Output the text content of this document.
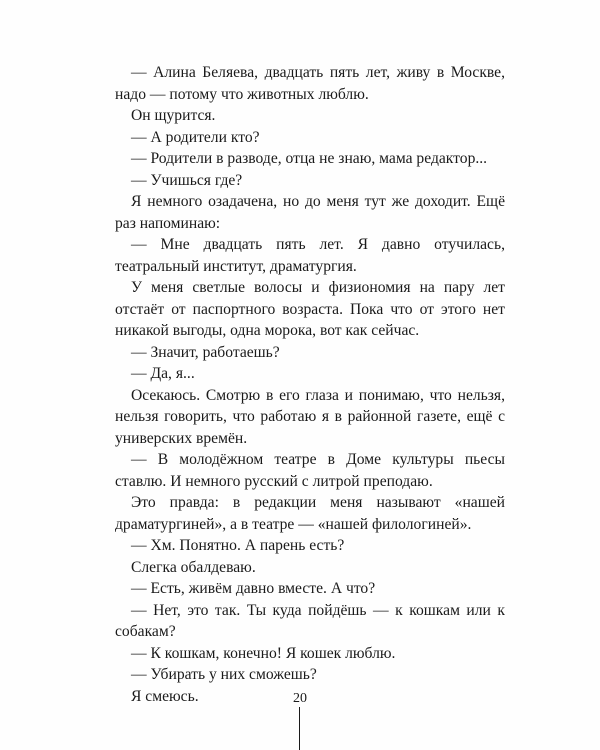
— Алина Беляева, двадцать пять лет, живу в Москве, надо — потому что животных люблю.

Он щурится.

— А родители кто?

— Родители в разводе, отца не знаю, мама редактор...

— Учишься где?

Я немного озадачена, но до меня тут же доходит. Ещё раз напоминаю:

— Мне двадцать пять лет. Я давно отучилась, театральный институт, драматургия.

У меня светлые волосы и физиономия на пару лет отстаёт от паспортного возраста. Пока что от этого нет никакой выгоды, одна морока, вот как сейчас.

— Значит, работаешь?

— Да, я...

Осекаюсь. Смотрю в его глаза и понимаю, что нельзя, нельзя говорить, что работаю я в районной газете, ещё с универских времён.

— В молодёжном театре в Доме культуры пьесы ставлю. И немного русский с литрой преподаю.

Это правда: в редакции меня называют «нашей драматургиней», а в театре — «нашей филологиней».

— Хм. Понятно. А парень есть?

Слегка обалдеваю.

— Есть, живём давно вместе. А что?

— Нет, это так. Ты куда пойдёшь — к кошкам или к собакам?

— К кошкам, конечно! Я кошек люблю.

— Убирать у них сможешь?

Я смеюсь.	20
